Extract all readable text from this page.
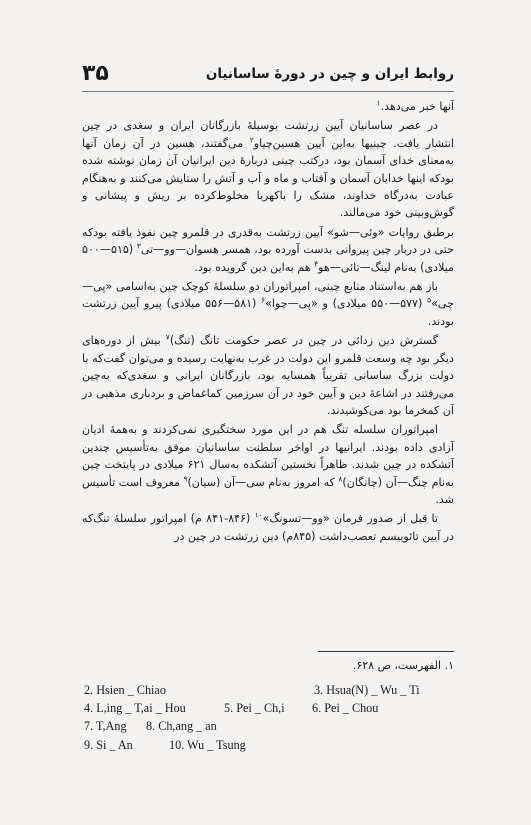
۳۵	روابط ایران و چین در دورهٔ ساسانیان

آنها خبر می‌دهد.$^۱$

در عصر ساسانیان آیین زرتشت بوسیلهٔ بازرگانان ایران و سغدی در چین انتشار یافت. چینیها به‌این آیین هسین‌چیاو$^۲$ می‌گفتند، هسین در آن زمان آنها به‌معنای خدای آسمان بود، درکتب چینی دربارهٔ دین ایرانیان آن زمان نوشته شده بودکه اینها خدایان آسمان و آفتاب و ماه و آب و آتش را ستایش می‌کنند و به‌هنگام عبادت به‌درگاه خداوند، مشک را باکهربا مخلوط‌کرده بر ریش و پیشانی و گوش‌وبینی خود می‌مالند.

برطبق روایات «وئی—شو» آیین زرتشت به‌قدری در قلمرو چین نفوذ یافته بودکه حتی در دربار چین پیروانی بدست آورده بود، همسر هسوان—وو—تی$^۳$ (۵۱۵—۵۰۰ میلادی) به‌نام لینگ—تائی—هو$^۴$ هم به‌این دین گرویده بود.

باز هم به‌استناد منابع چینی، امپراتوران دو سلسلهٔ کوچک چین به‌اسامی «پی—چی»$^۵$ (۵۷۷—۵۵۰ میلادی) و «پی—چوا»$^۶$ (۵۸۱—۵۵۶ میلادی) پیرو آیین زرتشت بودند.

گسترش دین زدائی در چین در عصر حکومت تانگ (تنگ)$^۷$ بیش از دوره‌های دیگر بود چه وسعت قلمرو این دولت در غرب به‌نهایت رسیده و می‌توان گفت‌که با دولت بزرگ ساسانی تقریباً همسایه بود، بازرگانان ایرانی و سغدی‌که به‌چین می‌رفتند در اشاعهٔ دین و آیین خود در آن سرزمین کماغماض و بردباری مذهبی در آن کمخرما بود می‌کوشیدند.

امپراتوران سلسله تنگ هم در این مورد سختگیری نمی‌کردند و به‌همهٔ ادیان آزادی داده بودند. ایرانیها در اواخر سلطنت ساسانیان موفق به‌تأسیس چندین آتشکده در چین شدند. ظاهراً نخستین آتشکده به‌سال ۶۲۱ میلادی در پایتخت چین به‌نام چنگ—آن (چانگان)$^۸$ که امروز به‌نام سی—آن (سیان)$^۹$ معروف است تأسیس شد.

تا قبل از صدور فرمان «وو—تسونگ»$^{۱۰}$ (۸۴۶-۸۴۱ م) امپراتور سلسلهٔ تنگ‌که در آیین تائوییسم تعصب‌داشت (۸۴۵م) دین زرتشت در چین در

۱. الفهرست، ص ۶۲۸.
2. Hsien _ Chiao	3. Hsua(N) _ Wu _ Ti
4. L,ing _ T,ai _ Hou	5. Pei _ Ch,i 6. Pei _ Chou
7. T,Ang 8. Ch,ang _ an
9. Si _ An	10. Wu _ Tsung
